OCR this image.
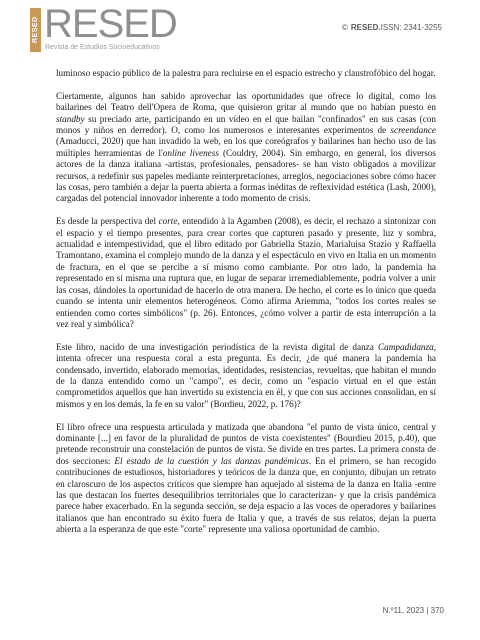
RESED RESED
Revista de Estudios Socioeducativos
© RESED.ISSN: 2341-3255

luminoso espacio público de la palestra para recluirse en el espacio estrecho y claustrofóbico del hogar.

Ciertamente, algunos han sabido aprovechar las oportunidades que ofrece lo digital, como los bailarines del Teatro dell'Opera de Roma, que quisieron gritar al mundo que no habían puesto en standby su preciado arte, participando en un vídeo en el que bailan "confinados" en sus casas (con monos y niños en derredor). O, como los numerosos e interesantes experimentos de screendance (Amaducci, 2020) que han invadido la web, en los que coreógrafos y bailarines han hecho uso de las múltiples herramientas de l'online liveness (Couldry, 2004). Sin embargo, en general, los diversos actores de la danza italiana -artistas, profesionales, pensadores- se han visto obligados a movilizar recursos, a redefinir sus papeles mediante reinterpretaciones, arreglos, negociaciones sobre cómo hacer las cosas, pero también a dejar la puerta abierta a formas inéditas de reflexividad estética (Lash, 2000), cargadas del potencial innovador inherente a todo momento de crisis.

Es desde la perspectiva del corte, entendido à la Agamben (2008), es decir, el rechazo a sintonizar con el espacio y el tiempo presentes, para crear cortes que capturen pasado y presente, luz y sombra, actualidad e intempestividad, que el libro editado por Gabriella Stazio, Marialuisa Stazio y Raffaella Tramontano, examina el complejo mundo de la danza y el espectáculo en vivo en Italia en un momento de fractura, en el que se percibe a sí mismo como cambiante. Por otro lado, la pandemia ha representado en sí misma una ruptura que, en lugar de separar irremediablemente, podría volver a unir las cosas, dándoles la oportunidad de hacerlo de otra manera. De hecho, el corte es lo único que queda cuando se intenta unir elementos heterogéneos. Como afirma Ariemma, "todos los cortes reales se entienden como cortes simbólicos" (p. 26). Entonces, ¿cómo volver a partir de esta interrupción a la vez real y simbólica?

Este libro, nacido de una investigación periodística de la revista digital de danza Campadidanza, intenta ofrecer una respuesta coral a esta pregunta. Es decir, ¿de qué manera la pandemia ha condensado, invertido, elaborado memorias, identidades, resistencias, revueltas, que habitan el mundo de la danza entendido como un "campo", es decir, como un "espacio virtual en el que están comprometidos aquellos que han invertido su existencia en él, y que con sus acciones consolidan, en sí mismos y en los demás, la fe en su valor" (Bordieu, 2022, p. 176)?

El libro ofrece una respuesta articulada y matizada que abandona "el punto de vista único, central y dominante [...] en favor de la pluralidad de puntos de vista coexistentes" (Bourdieu 2015, p.40), que pretende reconstruir una constelación de puntos de vista. Se divide en tres partes. La primera consta de dos secciones: El estado de la cuestión y las danzas pandémicas. En el primero, se han recogido contribuciones de estudiosos, historiadores y teóricos de la danza que, en conjunto, dibujan un retrato en claroscuro de los aspectos críticos que siempre han aquejado al sistema de la danza en Italia -entre las que destacan los fuertes desequilibrios territoriales que lo caracterizan- y que la crisis pandémica parece haber exacerbado. En la segunda sección, se deja espacio a las voces de operadores y bailarines italianos que han encontrado su éxito fuera de Italia y que, a través de sus relatos, dejan la puerta abierta a la esperanza de que este "corte" represente una valiosa oportunidad de cambio.

N.º11, 2023 | 370
